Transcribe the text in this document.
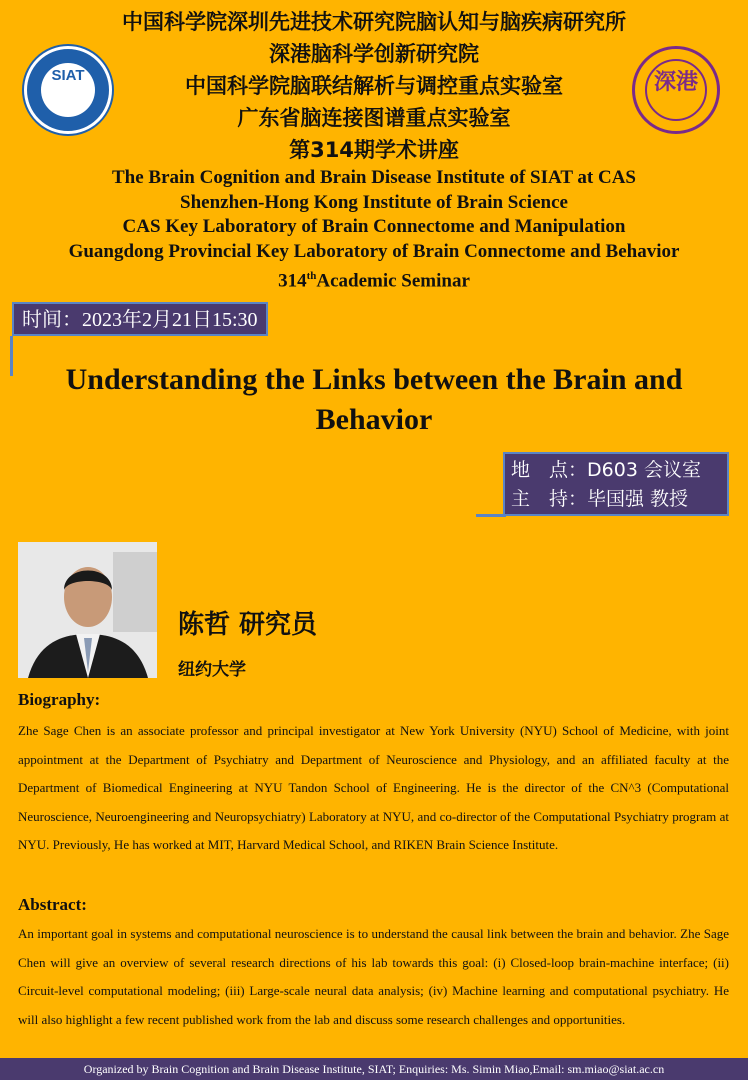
SIAT	深港
中国科学院深圳先进技术研究院脑认知与脑疾病研究所
深港脑科学创新研究院
中国科学院脑联结解析与调控重点实验室
广东省脑连接图谱重点实验室
第314期学术讲座
The Brain Cognition and Brain Disease Institute of SIAT at CAS
Shenzhen-Hong Kong Institute of Brain Science
CAS Key Laboratory of Brain Connectome and Manipulation
Guangdong Provincial Key Laboratory of Brain Connectome and Behavior
314thAcademic Seminar
时间：2023年2月21日15:30
Understanding the Links between the Brain and
Behavior
地　点：D603 会议室
主　持：毕国强 教授
陈哲 研究员
纽约大学
Biography:
Zhe Sage Chen is an associate professor and principal investigator at New York University (NYU) School of Medicine, with joint appointment at the Department of Psychiatry and Department of Neuroscience and Physiology, and an affiliated faculty at the Department of Biomedical Engineering at NYU Tandon School of Engineering. He is the director of the CN^3 (Computational Neuroscience, Neuroengineering and Neuropsychiatry) Laboratory at NYU, and co-director of the Computational Psychiatry program at NYU. Previously, He has worked at MIT, Harvard Medical School, and RIKEN Brain Science Institute.
Abstract:
An important goal in systems and computational neuroscience is to understand the causal link between the brain and behavior. Zhe Sage Chen will give an overview of several research directions of his lab towards this goal: (i) Closed-loop brain-machine interface; (ii) Circuit-level computational modeling; (iii) Large-scale neural data analysis; (iv) Machine learning and computational psychiatry. He will also highlight a few recent published work from the lab and discuss some research challenges and opportunities.
Organized by Brain Cognition and Brain Disease Institute, SIAT; Enquiries: Ms. Simin Miao,Email: sm.miao@siat.ac.cn
